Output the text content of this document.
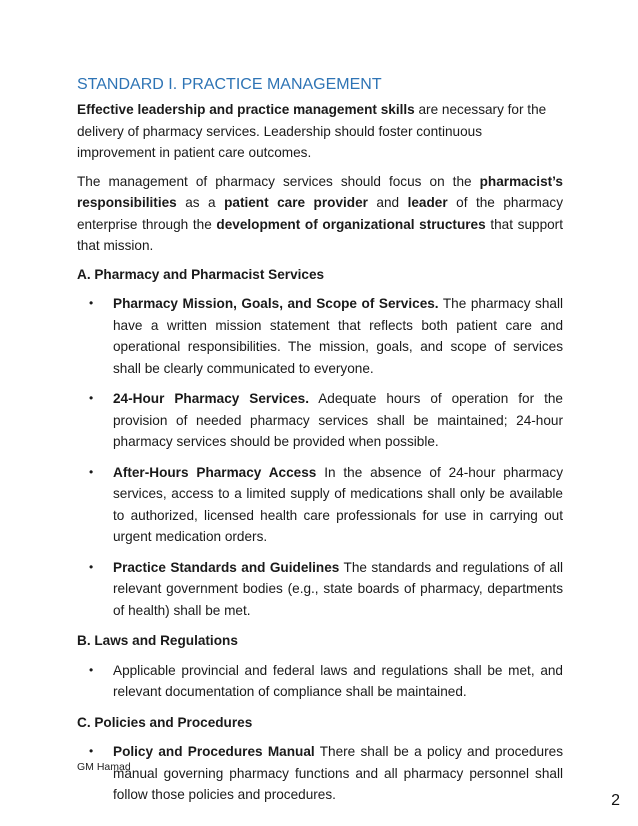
STANDARD I. PRACTICE MANAGEMENT

Effective leadership and practice management skills are necessary for the delivery of pharmacy services. Leadership should foster continuous improvement in patient care outcomes.

The management of pharmacy services should focus on the pharmacist’s responsibilities as a patient care provider and leader of the pharmacy enterprise through the development of organizational structures that support that mission.

A. Pharmacy and Pharmacist Services
• Pharmacy Mission, Goals, and Scope of Services. The pharmacy shall have a written mission statement that reflects both patient care and operational responsibilities. The mission, goals, and scope of services shall be clearly communicated to everyone.
• 24-Hour Pharmacy Services. Adequate hours of operation for the provision of needed pharmacy services shall be maintained; 24-hour pharmacy services should be provided when possible.
• After-Hours Pharmacy Access In the absence of 24-hour pharmacy services, access to a limited supply of medications shall only be available to authorized, licensed health care professionals for use in carrying out urgent medication orders.
• Practice Standards and Guidelines The standards and regulations of all relevant government bodies (e.g., state boards of pharmacy, departments of health) shall be met.
B. Laws and Regulations
• Applicable provincial and federal laws and regulations shall be met, and relevant documentation of compliance shall be maintained.
C. Policies and Procedures
• Policy and Procedures Manual There shall be a policy and procedures manual governing pharmacy functions and all pharmacy personnel shall follow those policies and procedures.
GM Hamad
2
